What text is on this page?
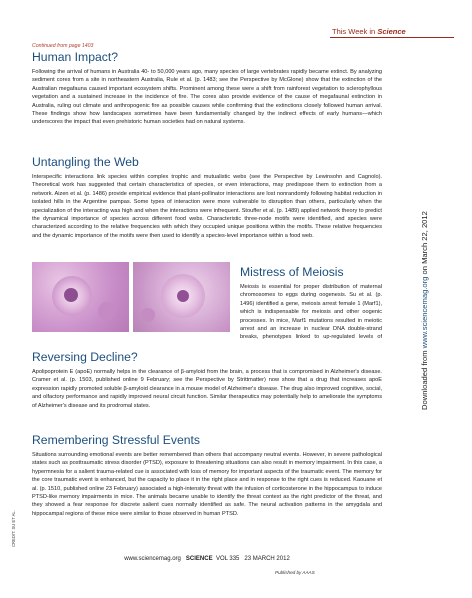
This Week in Science
Continued from page 1403
Human Impact?
Following the arrival of humans in Australia 40- to 50,000 years ago, many species of large vertebrates rapidly became extinct. By analyzing sediment cores from a site in northeastern Australia, Rule et al. (p. 1483; see the Perspective by McGlone) show that the extinction of the Australian megafauna caused important ecosystem shifts. Prominent among these were a shift from rainforest vegetation to sclerophyllous vegetation and a sustained increase in the incidence of fire. The cores also provide evidence of the cause of megafaunal extinction in Australia, ruling out climate and anthropogenic fire as possible causes while confirming that the extinctions closely followed human arrival. These findings show how landscapes sometimes have been fundamentally changed by the indirect effects of early humans—which underscores the impact that even prehistoric human societies had on natural systems.
Untangling the Web
Interspecific interactions link species within complex trophic and mutualistic webs (see the Perspective by Lewinsohn and Cagnolo). Theoretical work has suggested that certain characteristics of species, or even interactions, may predispose them to extinction from a network. Aizen et al. (p. 1486) provide empirical evidence that plant-pollinator interactions are lost nonrandomly following habitat reduction in isolated hills in the Argentine pampas. Some types of interaction were more vulnerable to disruption than others, particularly when the specialization of the interacting was high and when the interactions were infrequent. Stouffer et al. (p. 1489) applied network theory to predict the dynamical importance of species across different food webs. Characteristic three-node motifs were identified, and species were characterized according to the relative frequencies with which they occupied unique positions within the motifs. These relative frequencies and the dynamic importance of the motifs were then used to identify a species-level importance within a food web.
Mistress of Meiosis
Meiosis is essential for proper distribution of maternal chromosomes to eggs during oogenesis. Su et al. (p. 1496) identified a gene, meiosis arrest female 1 (Marf1), which is indispensable for meiosis and other oogenic processes. In mice, Marf1 mutations resulted in meiotic arrest and an increase in nuclear DNA double-strand breaks, phenotypes linked to up-regulated levels of
Reversing Decline?
Apolipoprotein E (apoE) normally helps in the clearance of β-amyloid from the brain, a process that is compromised in Alzheimer's disease. Cramer et al. (p. 1503, published online 9 February; see the Perspective by Strittmatter) now show that a drug that increases apoE expression rapidly promoted soluble β-amyloid clearance in a mouse model of Alzheimer's disease. The drug also improved cognitive, social, and olfactory performance and rapidly improved neural circuit function. Similar therapeutics may potentially help to ameliorate the symptoms of Alzheimer's disease and its prodromal states.
Remembering Stressful Events
Situations surrounding emotional events are better remembered than others that accompany neutral events. However, in severe pathological states such as posttraumatic stress disorder (PTSD), exposure to threatening situations can also result in memory impairment. In this case, a hypermnesia for a salient trauma-related cue is associated with loss of memory for important aspects of the traumatic event. The memory for the core traumatic event is enhanced, but the capacity to place it in the right place and in response to the right cues is reduced. Kaouane et al. (p. 1510, published online 23 February) associated a high-intensity threat with the infusion of corticosterone in the hippocampus to induce PTSD-like memory impairments in mice. The animals became unable to identify the threat context as the right predictor of the threat, and they showed a fear response for discrete salient cues normally identified as safe. The neural activation patterns in the amygdala and hippocampal regions of these mice were similar to those observed in human PTSD.
CREDIT: SU ET AL.
Downloaded from www.sciencemag.org on March 22, 2012
www.sciencemag.org SCIENCE VOL 335 23 MARCH 2012
Published by AAAS
